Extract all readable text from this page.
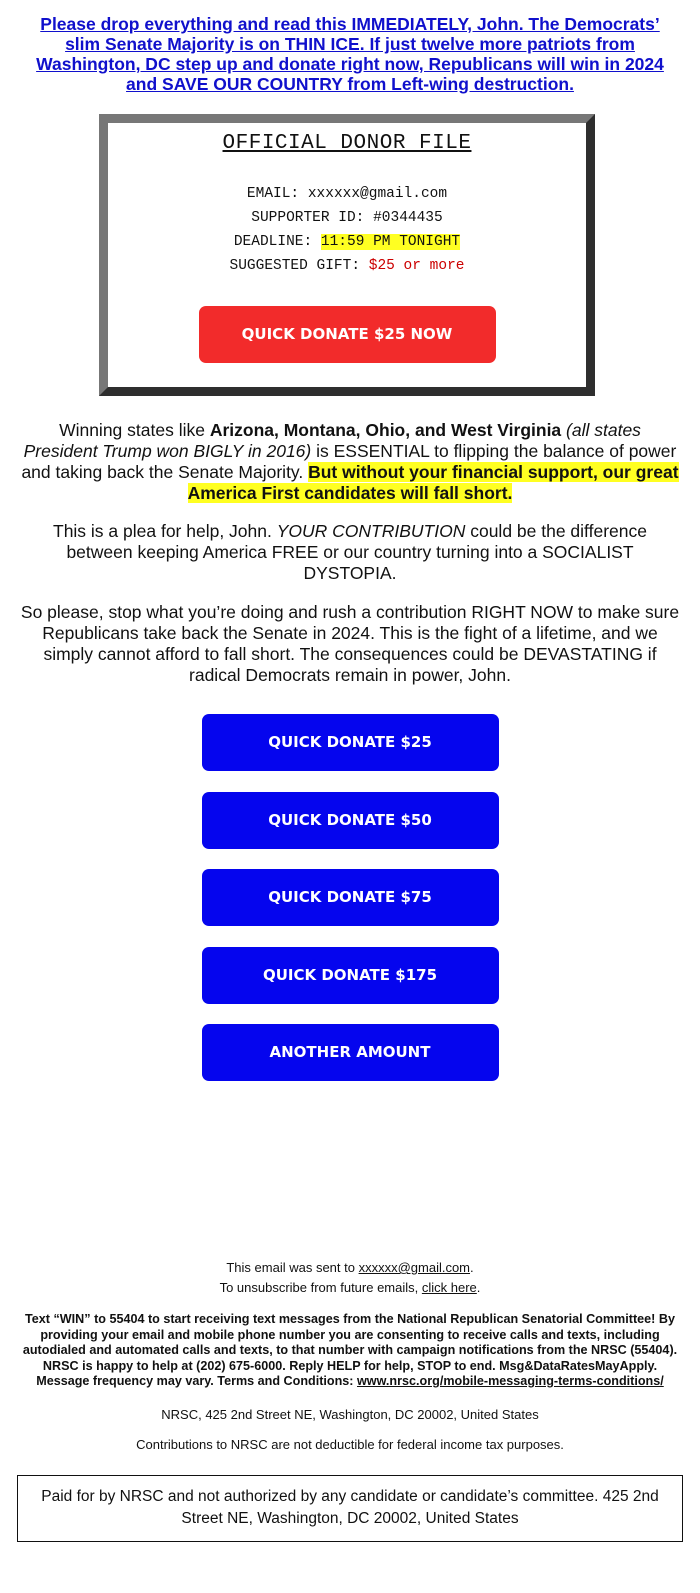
Please drop everything and read this IMMEDIATELY, John. The Democrats’ slim Senate Majority is on THIN ICE. If just twelve more patriots from Washington, DC step up and donate right now, Republicans will win in 2024 and SAVE OUR COUNTRY from Left-wing destruction.
OFFICIAL DONOR FILE
EMAIL: xxxxxx@gmail.com
SUPPORTER ID: #0344435
DEADLINE: 11:59 PM TONIGHT
SUGGESTED GIFT: $25 or more
QUICK DONATE $25 NOW
Winning states like Arizona, Montana, Ohio, and West Virginia (all states President Trump won BIGLY in 2016) is ESSENTIAL to flipping the balance of power and taking back the Senate Majority. But without your financial support, our great America First candidates will fall short.
This is a plea for help, John. YOUR CONTRIBUTION could be the difference between keeping America FREE or our country turning into a SOCIALIST DYSTOPIA.
So please, stop what you’re doing and rush a contribution RIGHT NOW to make sure Republicans take back the Senate in 2024. This is the fight of a lifetime, and we simply cannot afford to fall short. The consequences could be DEVASTATING if radical Democrats remain in power, John.
QUICK DONATE $25
QUICK DONATE $50
QUICK DONATE $75
QUICK DONATE $175
ANOTHER AMOUNT
This email was sent to xxxxxx@gmail.com.
To unsubscribe from future emails, click here.
Text “WIN” to 55404 to start receiving text messages from the National Republican Senatorial Committee! By providing your email and mobile phone number you are consenting to receive calls and texts, including autodialed and automated calls and texts, to that number with campaign notifications from the NRSC (55404). NRSC is happy to help at (202) 675-6000. Reply HELP for help, STOP to end. Msg&DataRatesMayApply. Message frequency may vary. Terms and Conditions: www.nrsc.org/mobile-messaging-terms-conditions/
NRSC, 425 2nd Street NE, Washington, DC 20002, United States
Contributions to NRSC are not deductible for federal income tax purposes.
Paid for by NRSC and not authorized by any candidate or candidate’s committee. 425 2nd Street NE, Washington, DC 20002, United States
